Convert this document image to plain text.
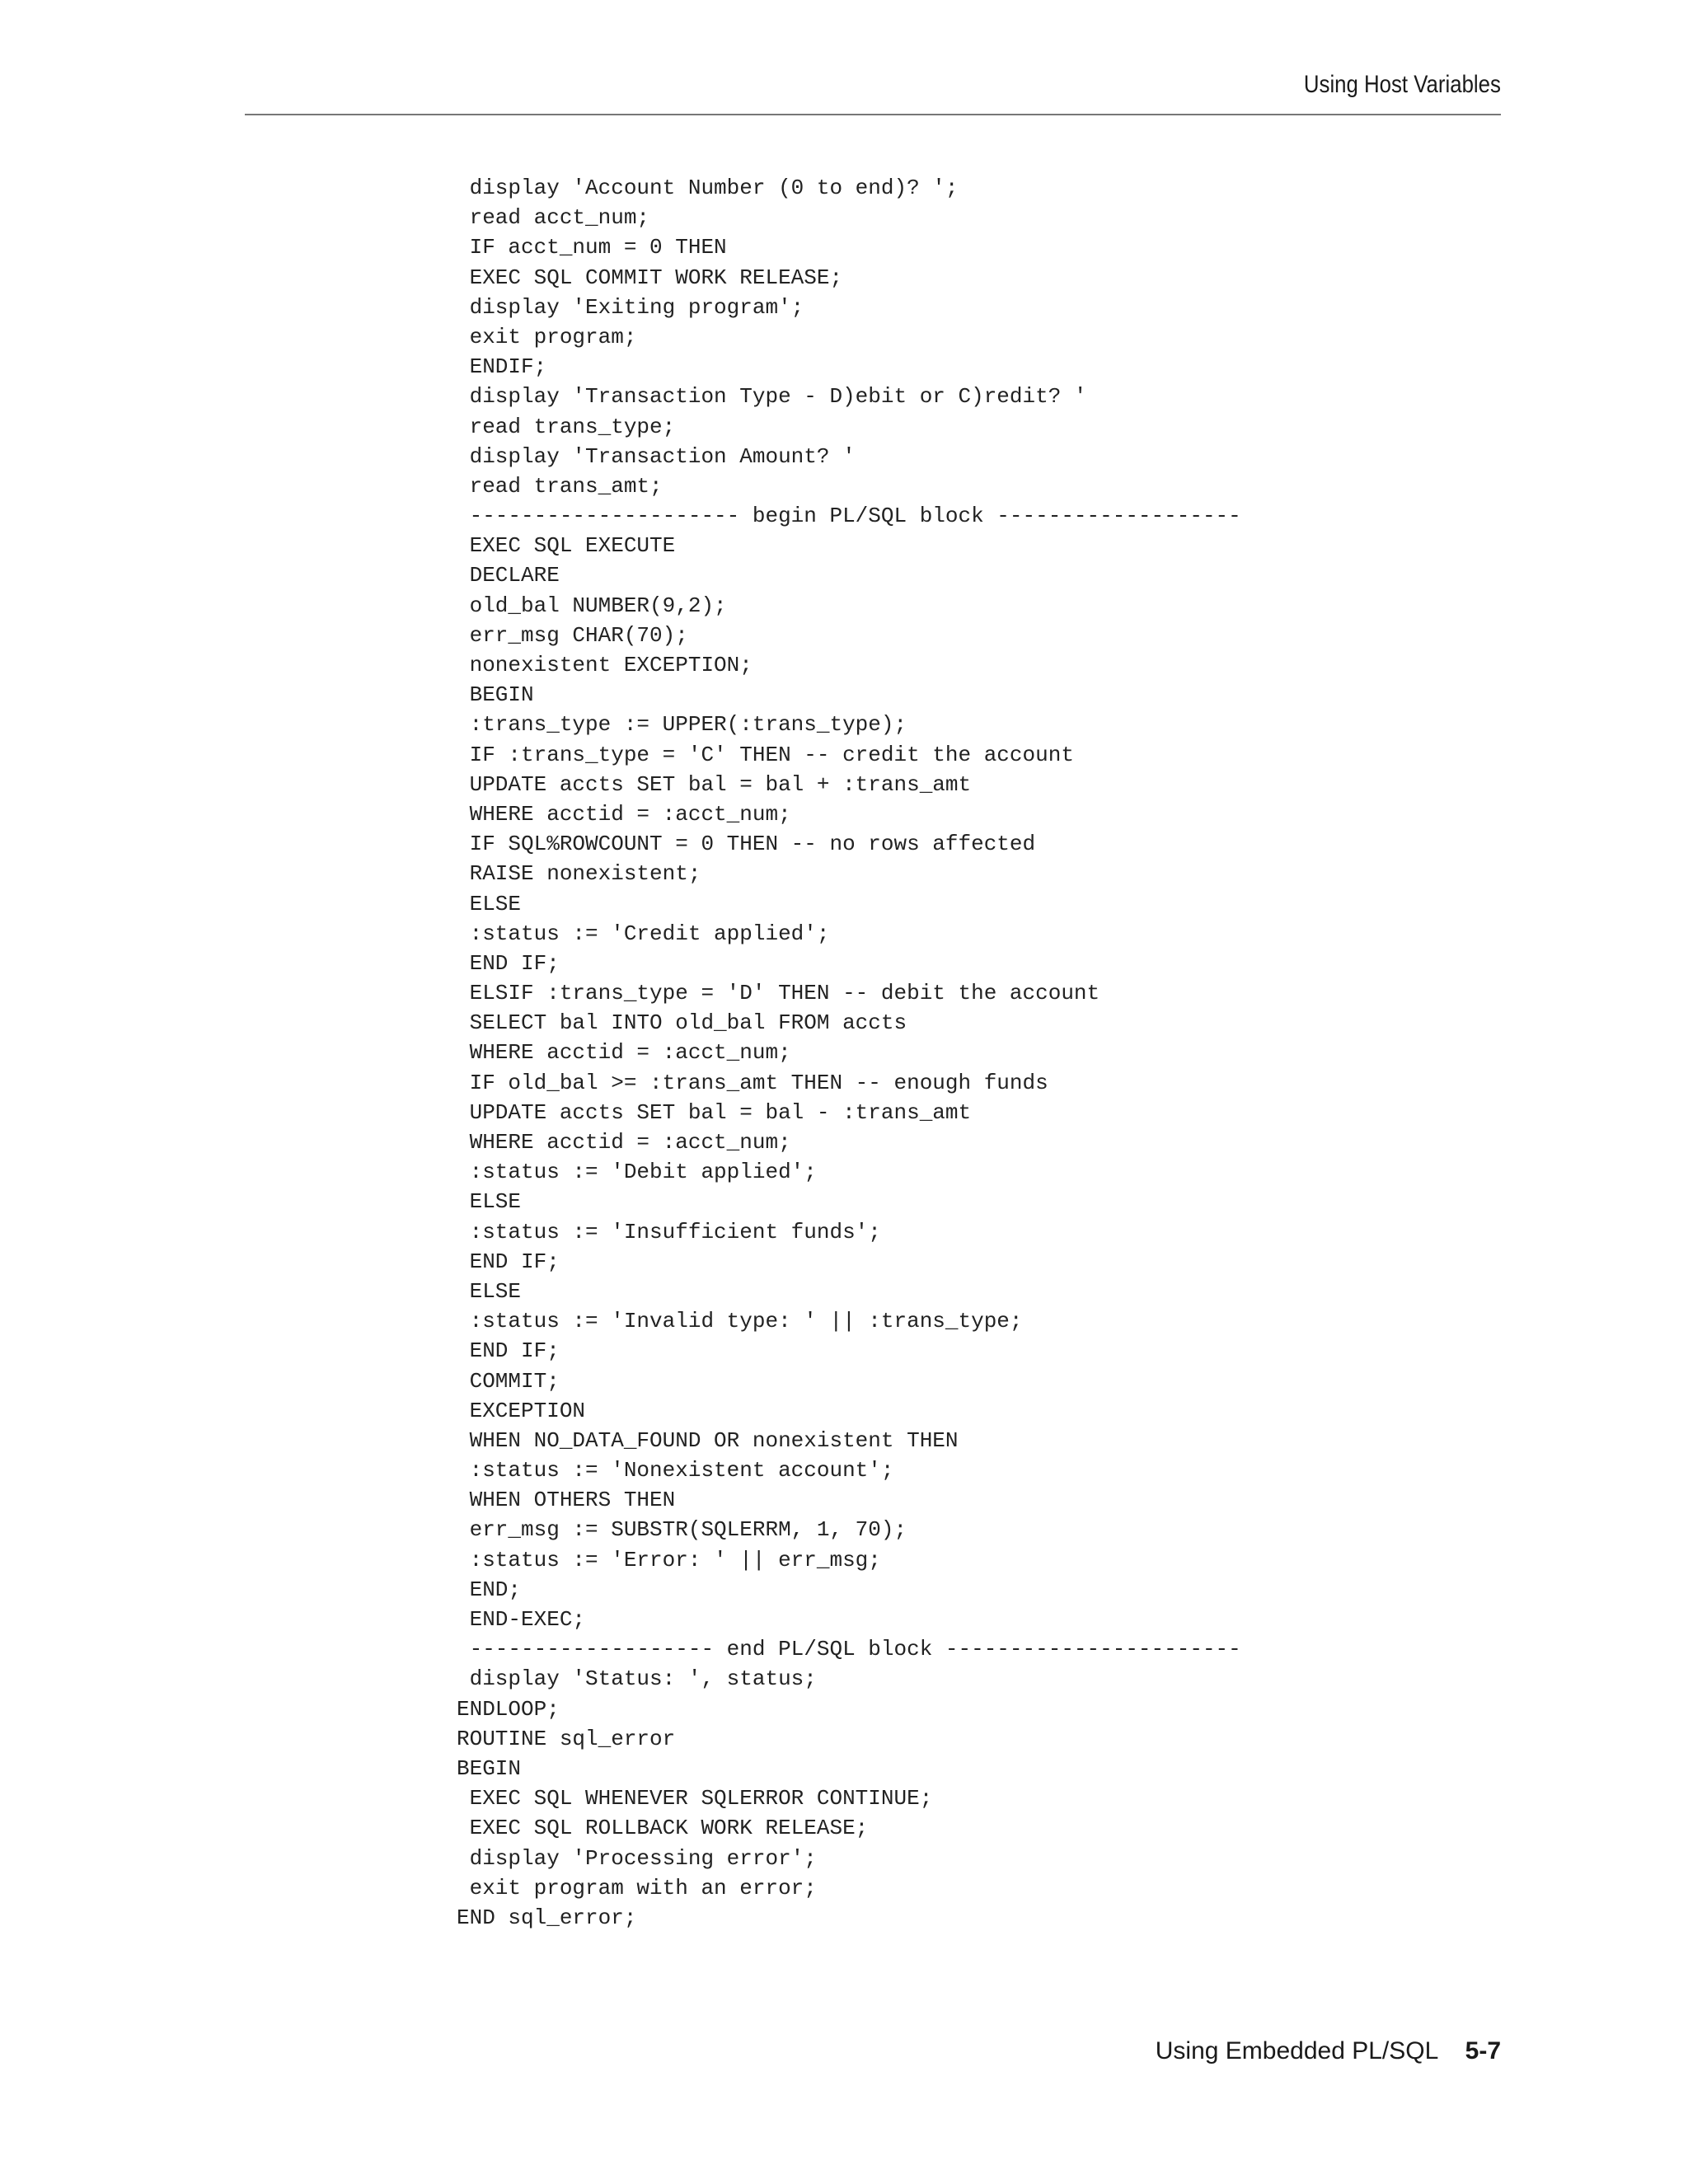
Using Host Variables
display 'Account Number (0 to end)? ';
read acct_num;
IF acct_num = 0 THEN
EXEC SQL COMMIT WORK RELEASE;
display 'Exiting program';
exit program;
ENDIF;
display 'Transaction Type - D)ebit or C)redit? '
read trans_type;
display 'Transaction Amount? '
read trans_amt;
--------------------- begin PL/SQL block -------------------
EXEC SQL EXECUTE
DECLARE
old_bal NUMBER(9,2);
err_msg CHAR(70);
nonexistent EXCEPTION;
BEGIN
:trans_type := UPPER(:trans_type);
IF :trans_type = 'C' THEN -- credit the account
UPDATE accts SET bal = bal + :trans_amt
WHERE acctid = :acct_num;
IF SQL%ROWCOUNT = 0 THEN -- no rows affected
RAISE nonexistent;
ELSE
:status := 'Credit applied';
END IF;
ELSIF :trans_type = 'D' THEN -- debit the account
SELECT bal INTO old_bal FROM accts
WHERE acctid = :acct_num;
IF old_bal >= :trans_amt THEN -- enough funds
UPDATE accts SET bal = bal - :trans_amt
WHERE acctid = :acct_num;
:status := 'Debit applied';
ELSE
:status := 'Insufficient funds';
END IF;
ELSE
:status := 'Invalid type: ' || :trans_type;
END IF;
COMMIT;
EXCEPTION
WHEN NO_DATA_FOUND OR nonexistent THEN
:status := 'Nonexistent account';
WHEN OTHERS THEN
err_msg := SUBSTR(SQLERRM, 1, 70);
:status := 'Error: ' || err_msg;
END;
END-EXEC;
------------------- end PL/SQL block -----------------------
display 'Status: ', status;
ENDLOOP;
ROUTINE sql_error
BEGIN
EXEC SQL WHENEVER SQLERROR CONTINUE;
EXEC SQL ROLLBACK WORK RELEASE;
display 'Processing error';
exit program with an error;
END sql_error;
Using Embedded PL/SQL 5-7
